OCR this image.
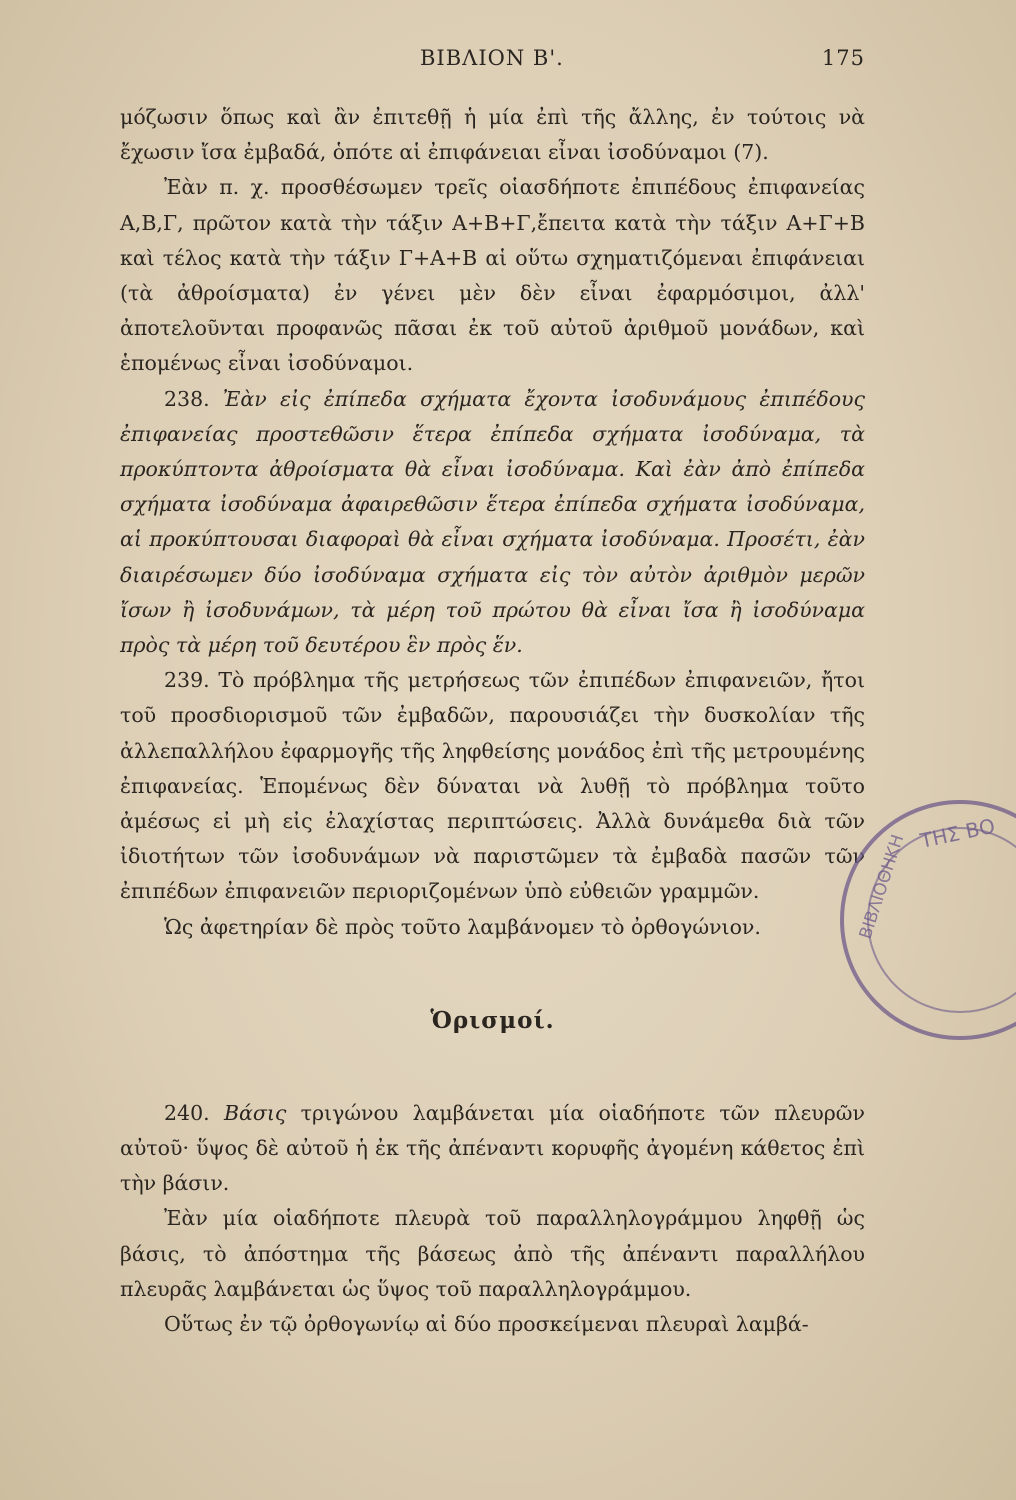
ΒΙΒΛΙΟΝ Β'.	175

μόζωσιν ὅπως καὶ ἂν ἐπιτεθῇ ἡ μία ἐπὶ τῆς ἄλλης, ἐν τούτοις νὰ ἔχωσιν ἴσα ἐμβαδά, ὁπότε αἱ ἐπιφάνειαι εἶναι ἰσοδύναμοι (7).

Ἐὰν π. χ. προσθέσωμεν τρεῖς οἱασδήποτε ἐπιπέδους ἐπιφανείας Α,Β,Γ, πρῶτον κατὰ τὴν τάξιν Α+Β+Γ,ἔπειτα κατὰ τὴν τάξιν Α+Γ+Β καὶ τέλος κατὰ τὴν τάξιν Γ+Α+Β αἱ οὕτω σχηματιζόμεναι ἐπιφάνειαι (τὰ ἀθροίσματα) ἐν γένει μὲν δὲν εἶναι ἐφαρμόσιμοι, ἀλλ' ἀποτελοῦνται προφανῶς πᾶσαι ἐκ τοῦ αὐτοῦ ἀριθμοῦ μονάδων, καὶ ἑπομένως εἶναι ἰσοδύναμοι.

238. Ἐὰν εἰς ἐπίπεδα σχήματα ἔχοντα ἰσοδυνάμους ἐπιπέδους ἐπιφανείας προστεθῶσιν ἕτερα ἐπίπεδα σχήματα ἰσοδύναμα, τὰ προκύπτοντα ἀθροίσματα θὰ εἶναι ἰσοδύναμα. Καὶ ἐὰν ἀπὸ ἐπίπεδα σχήματα ἰσοδύναμα ἀφαιρεθῶσιν ἕτερα ἐπίπεδα σχήματα ἰσοδύναμα, αἱ προκύπτουσαι διαφοραὶ θὰ εἶναι σχήματα ἰσοδύναμα. Προσέτι, ἐὰν διαιρέσωμεν δύο ἰσοδύναμα σχήματα εἰς τὸν αὐτὸν ἀριθμὸν μερῶν ἴσων ἢ ἰσοδυνάμων, τὰ μέρη τοῦ πρώτου θὰ εἶναι ἴσα ἢ ἰσοδύναμα πρὸς τὰ μέρη τοῦ δευτέρου ἓν πρὸς ἕν.

239. Τὸ πρόβλημα τῆς μετρήσεως τῶν ἐπιπέδων ἐπιφανειῶν, ἤτοι τοῦ προσδιορισμοῦ τῶν ἐμβαδῶν, παρουσιάζει τὴν δυσκολίαν τῆς ἀλλεπαλλήλου ἐφαρμογῆς τῆς ληφθείσης μονάδος ἐπὶ τῆς μετρουμένης ἐπιφανείας. Ἑπομένως δὲν δύναται νὰ λυθῇ τὸ πρόβλημα τοῦτο ἀμέσως εἰ μὴ εἰς ἐλαχίστας περιπτώσεις. Ἀλλὰ δυνάμεθα διὰ τῶν ἰδιοτήτων τῶν ἰσοδυνάμων νὰ παριστῶμεν τὰ ἐμβαδὰ πασῶν τῶν ἐπιπέδων ἐπιφανειῶν περιοριζομένων ὑπὸ εὐθειῶν γραμμῶν.

Ὡς ἀφετηρίαν δὲ πρὸς τοῦτο λαμβάνομεν τὸ ὀρθογώνιον.

Ὁρισμοί.

240. Βάσις τριγώνου λαμβάνεται μία οἱαδήποτε τῶν πλευρῶν αὐτοῦ· ὕψος δὲ αὐτοῦ ἡ ἐκ τῆς ἀπέναντι κορυφῆς ἀγομένη κάθετος ἐπὶ τὴν βάσιν.

Ἐὰν μία οἱαδήποτε πλευρὰ τοῦ παραλληλογράμμου ληφθῇ ὡς βάσις, τὸ ἀπόστημα τῆς βάσεως ἀπὸ τῆς ἀπέναντι παραλλήλου πλευρᾶς λαμβάνεται ὡς ὕψος τοῦ παραλληλογράμμου.

Οὕτως ἐν τῷ ὀρθογωνίῳ αἱ δύο προσκείμεναι πλευραὶ λαμβά-

ΤΗΣ ΒΟ
ΒΙΒΛΙΟΘΗΚΗ
